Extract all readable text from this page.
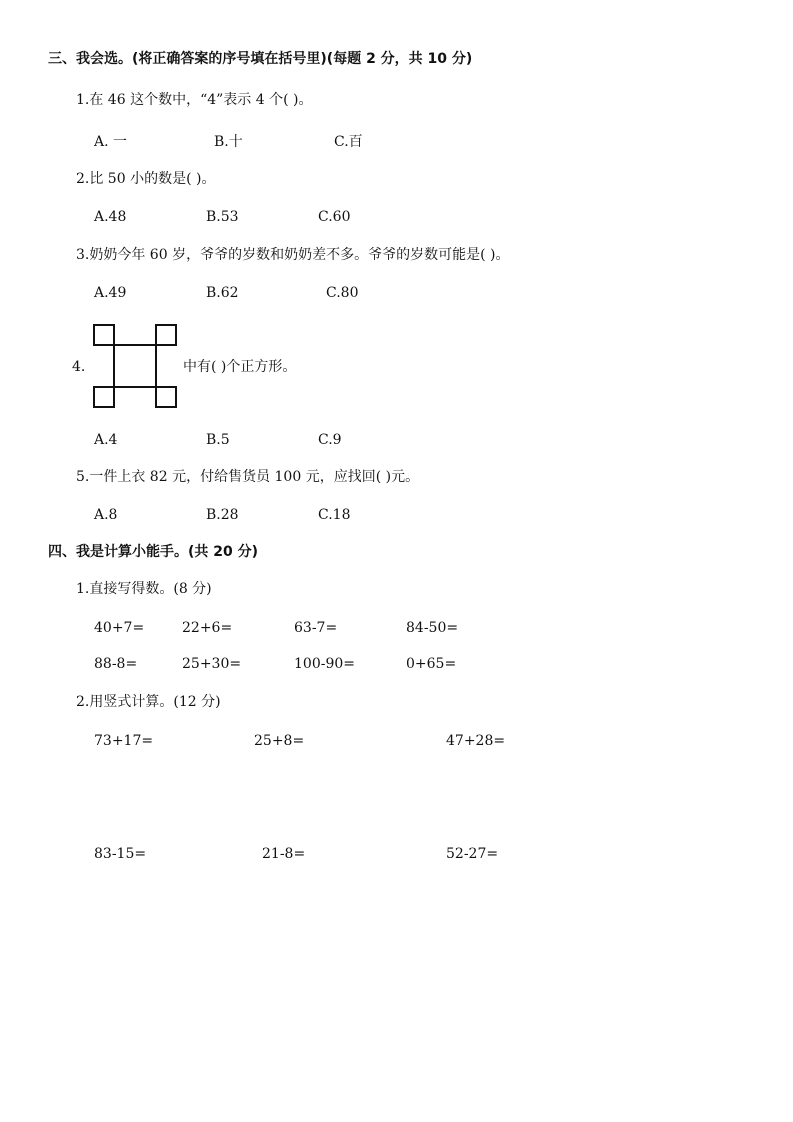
三、我会选。(将正确答案的序号填在括号里)(每题 2 分，共 10 分)
1.在 46 这个数中，“4”表示 4 个( )。
A. 一	B.十	C.百
2.比 50 小的数是( )。
A.48	B.53	C.60
3.奶奶今年 60 岁，爷爷的岁数和奶奶差不多。爷爷的岁数可能是( )。
A.49	B.62	C.80
4.	中有( )个正方形。
A.4	B.5	C.9
5.一件上衣 82 元，付给售货员 100 元，应找回( )元。
A.8	B.28	C.18
四、我是计算小能手。(共 20 分)
1.直接写得数。(8 分)
40+7=	22+6=	63-7=	84-50=
88-8=	25+30=	100-90=	0+65=
2.用竖式计算。(12 分)
73+17=	25+8=	47+28=
83-15=	21-8=	52-27=
